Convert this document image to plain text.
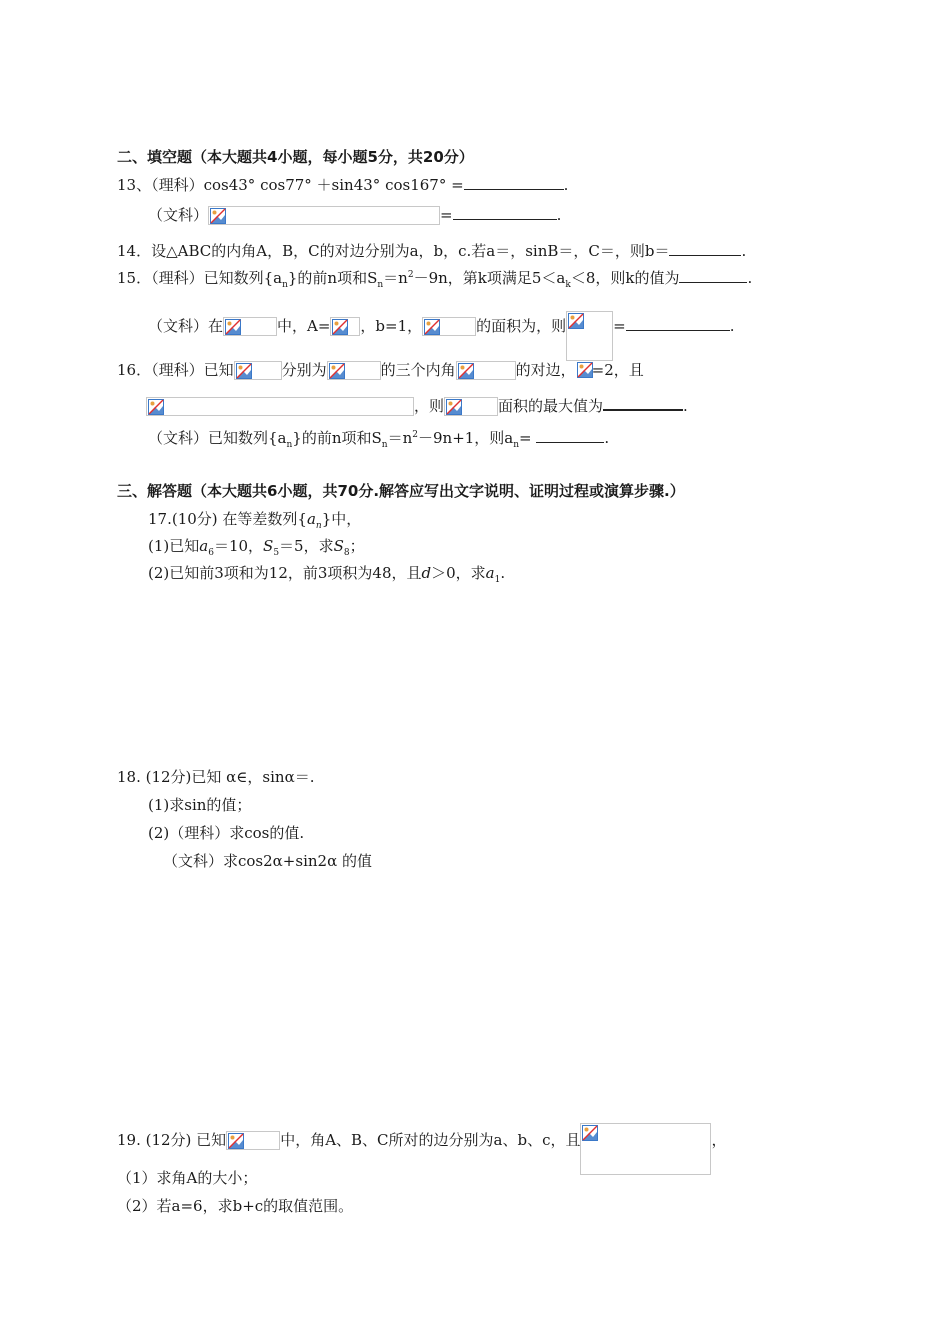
二、填空题（本大题共4小题，每小题5分，共20分）
13、（理科）cos43° cos77° ＋sin43° cos167° =	.
（文科）	=	.
14．设△ABC的内角A，B，C的对边分别为a，b，c.若a＝，sinB＝，C＝，则b＝	.
15．（理科）已知数列$\{a_n\}$的前n项和$S_n=n^2-9n$，第k项满足$5<a_k<8$，则k的值为	.
（文科）在	中，A= ，b=1，	的面积为，则	=	.
16．（理科）已知	分别为	的三个内角	的对边， =2，且
，则	面积的最大值为	.
（文科）已知数列$\{a_n\}$的前n项和$S_n=n^2-9n+1$，则$a_n=$	.
三、解答题（本大题共6小题，共70分.解答应写出文字说明、证明过程或演算步骤.）
17.(10分) 在等差数列$\{a_n\}$中，
(1)已知$a_6=10$，$S_5=5$，求$S_8$；
(2)已知前3项和为12，前3项积为48，且d＞0，求$a_1$.
18. (12分)已知 α∈，sinα＝.
(1)求sin的值；
(2)（理科）求cos的值.
（文科）求cos2α+sin2α 的值
19. (12分) 已知	中，角A、B、C所对的边分别为a、b、c，且	，
（1）求角A的大小；
（2）若a=6，求b+c的取值范围。
